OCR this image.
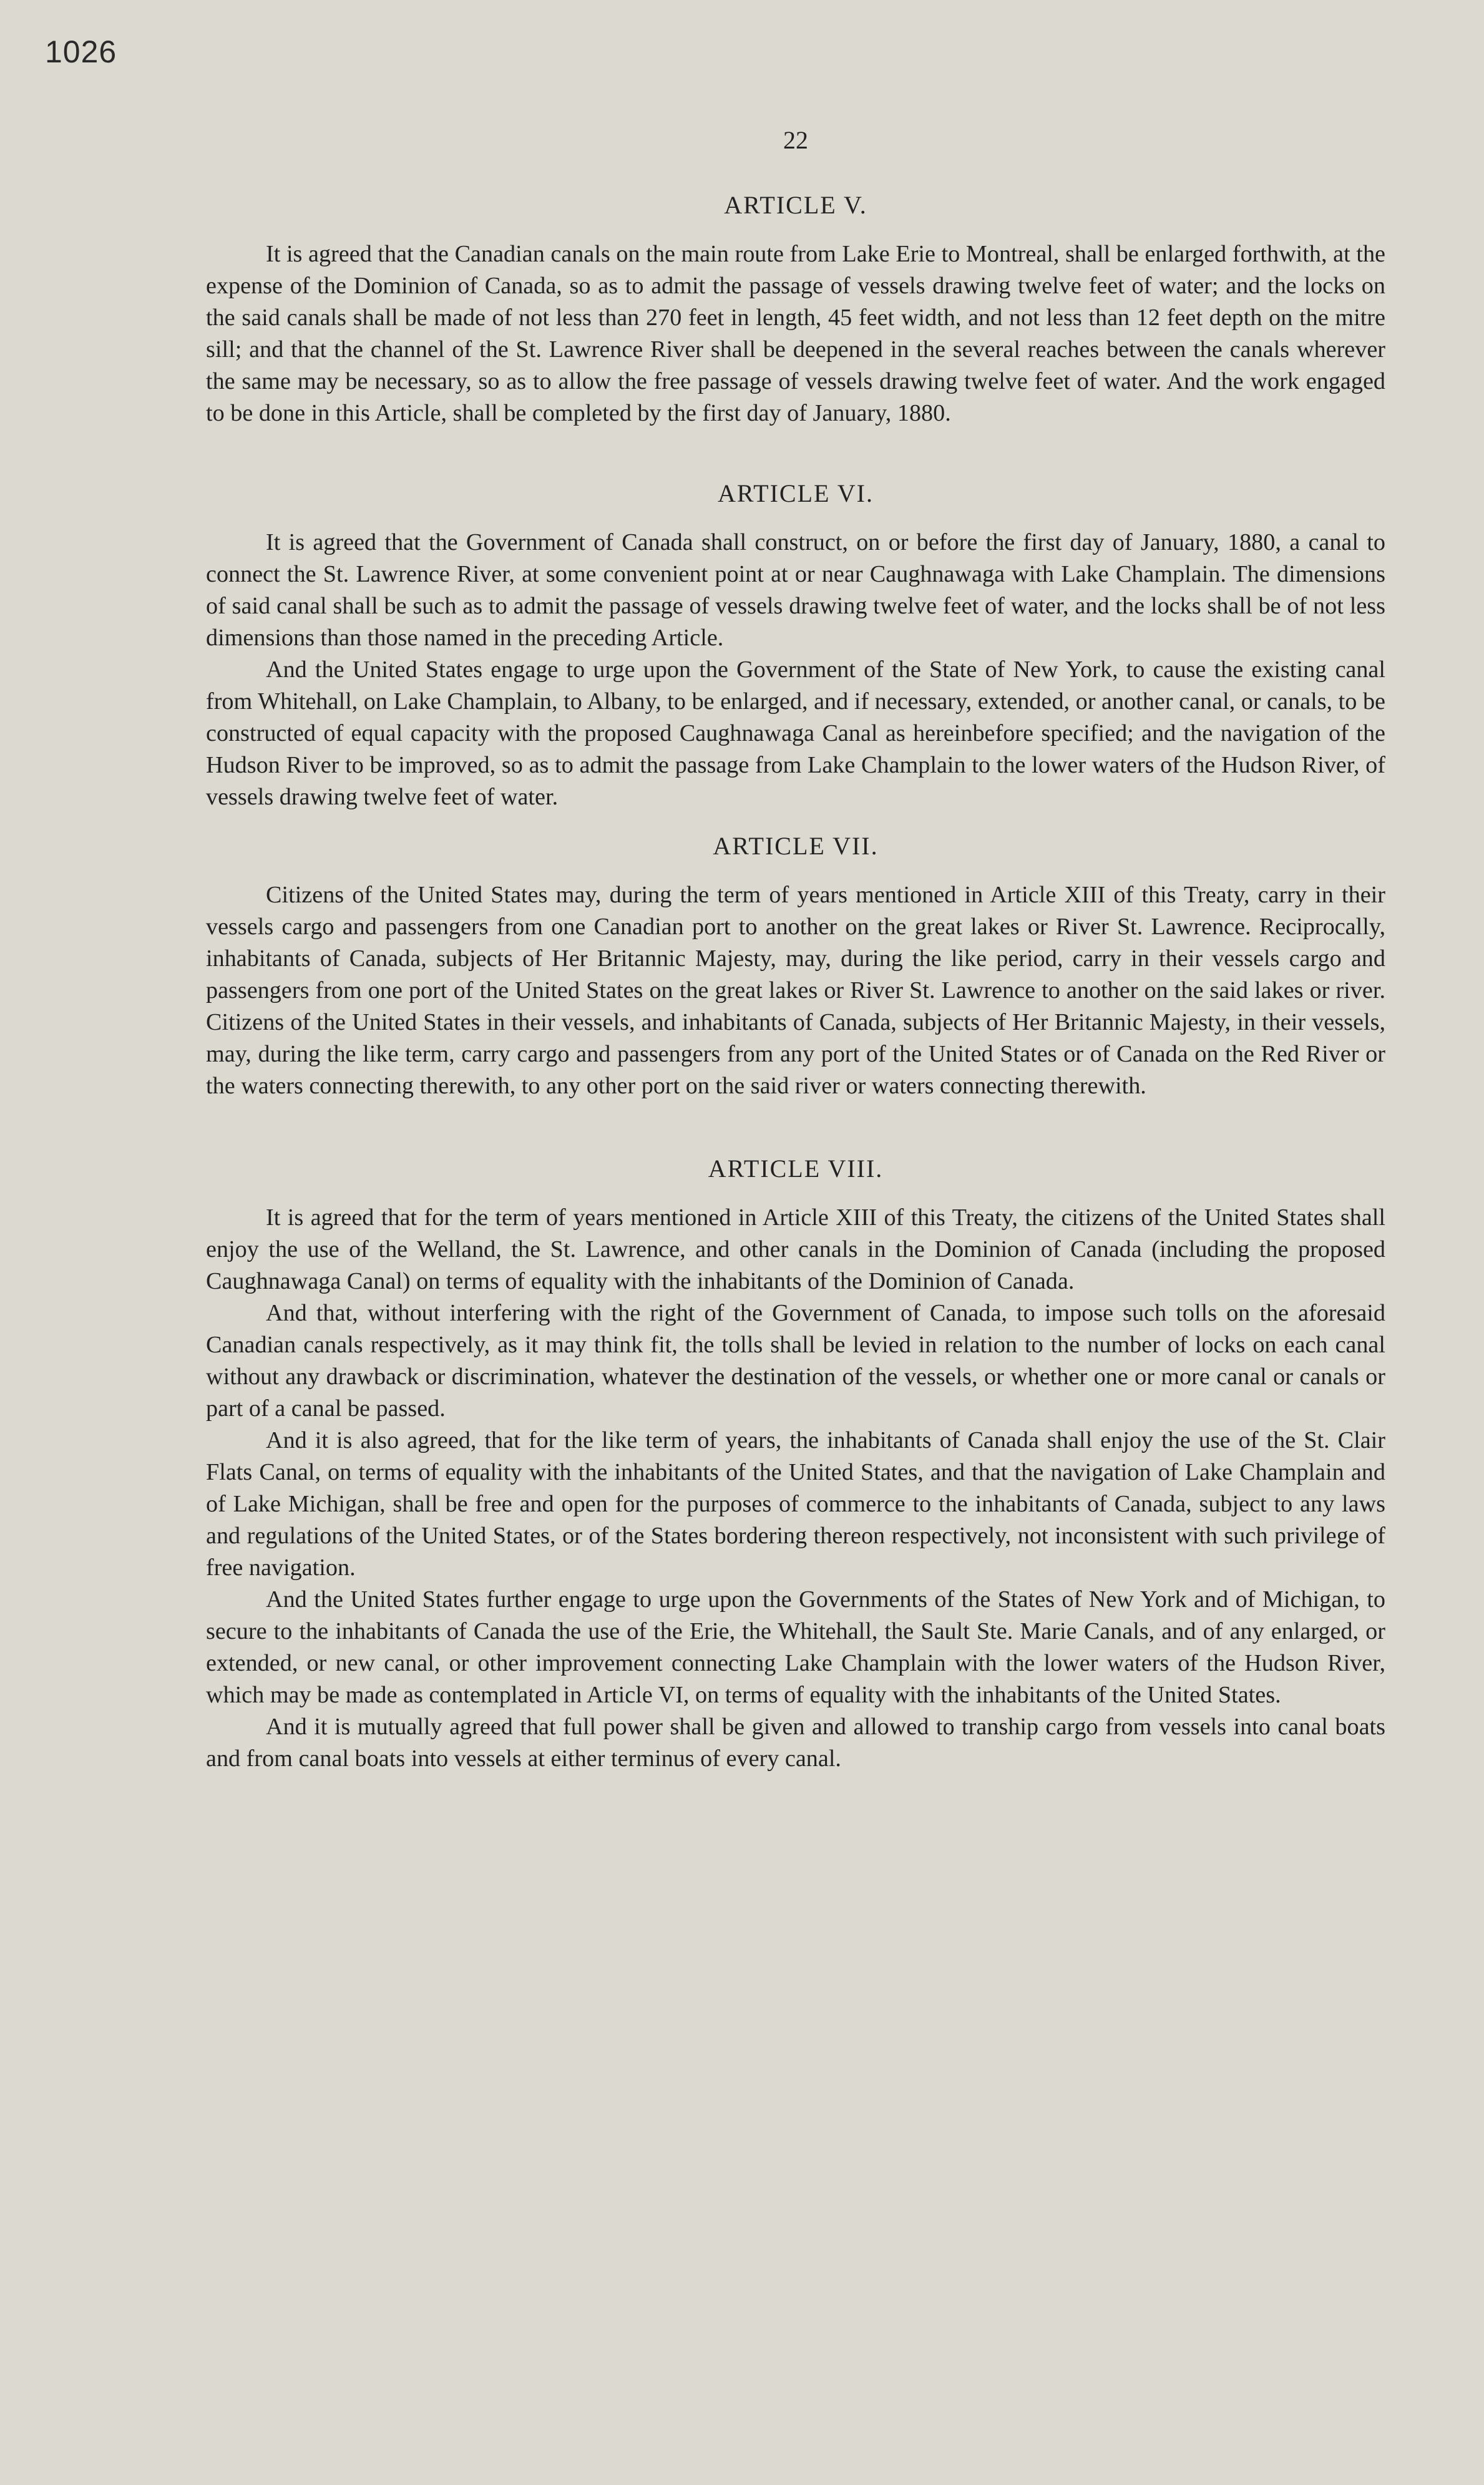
1026
22
ARTICLE V.

It is agreed that the Canadian canals on the main route from Lake Erie to Montreal, shall be enlarged forthwith, at the expense of the Dominion of Canada, so as to admit the passage of vessels drawing twelve feet of water; and the locks on the said canals shall be made of not less than 270 feet in length, 45 feet width, and not less than 12 feet depth on the mitre sill; and that the channel of the St. Lawrence River shall be deepened in the several reaches between the canals wherever the same may be necessary, so as to allow the free passage of vessels drawing twelve feet of water. And the work engaged to be done in this Article, shall be completed by the first day of January, 1880.

ARTICLE VI.

It is agreed that the Government of Canada shall construct, on or before the first day of January, 1880, a canal to connect the St. Lawrence River, at some convenient point at or near Caughnawaga with Lake Champlain. The dimensions of said canal shall be such as to admit the passage of vessels drawing twelve feet of water, and the locks shall be of not less dimensions than those named in the preceding Article.

And the United States engage to urge upon the Government of the State of New York, to cause the existing canal from Whitehall, on Lake Champlain, to Albany, to be enlarged, and if necessary, extended, or another canal, or canals, to be constructed of equal capacity with the proposed Caughnawaga Canal as hereinbefore specified; and the navigation of the Hudson River to be improved, so as to admit the passage from Lake Champlain to the lower waters of the Hudson River, of vessels drawing twelve feet of water.

ARTICLE VII.

Citizens of the United States may, during the term of years mentioned in Article XIII of this Treaty, carry in their vessels cargo and passengers from one Canadian port to another on the great lakes or River St. Lawrence. Reciprocally, inhabitants of Canada, subjects of Her Britannic Majesty, may, during the like period, carry in their vessels cargo and passengers from one port of the United States on the great lakes or River St. Lawrence to another on the said lakes or river. Citizens of the United States in their vessels, and inhabitants of Canada, subjects of Her Britannic Majesty, in their vessels, may, during the like term, carry cargo and passengers from any port of the United States or of Canada on the Red River or the waters connecting therewith, to any other port on the said river or waters connecting therewith.

ARTICLE VIII.

It is agreed that for the term of years mentioned in Article XIII of this Treaty, the citizens of the United States shall enjoy the use of the Welland, the St. Lawrence, and other canals in the Dominion of Canada (including the proposed Caughnawaga Canal) on terms of equality with the inhabitants of the Dominion of Canada.

And that, without interfering with the right of the Government of Canada, to impose such tolls on the aforesaid Canadian canals respectively, as it may think fit, the tolls shall be levied in relation to the number of locks on each canal without any drawback or discrimination, whatever the destination of the vessels, or whether one or more canal or canals or part of a canal be passed.

And it is also agreed, that for the like term of years, the inhabitants of Canada shall enjoy the use of the St. Clair Flats Canal, on terms of equality with the inhabitants of the United States, and that the navigation of Lake Champlain and of Lake Michigan, shall be free and open for the purposes of commerce to the inhabitants of Canada, subject to any laws and regulations of the United States, or of the States bordering thereon respectively, not inconsistent with such privilege of free navigation.

And the United States further engage to urge upon the Governments of the States of New York and of Michigan, to secure to the inhabitants of Canada the use of the Erie, the Whitehall, the Sault Ste. Marie Canals, and of any enlarged, or extended, or new canal, or other improvement connecting Lake Champlain with the lower waters of the Hudson River, which may be made as contemplated in Article VI, on terms of equality with the inhabitants of the United States.

And it is mutually agreed that full power shall be given and allowed to tranship cargo from vessels into canal boats and from canal boats into vessels at either terminus of every canal.
